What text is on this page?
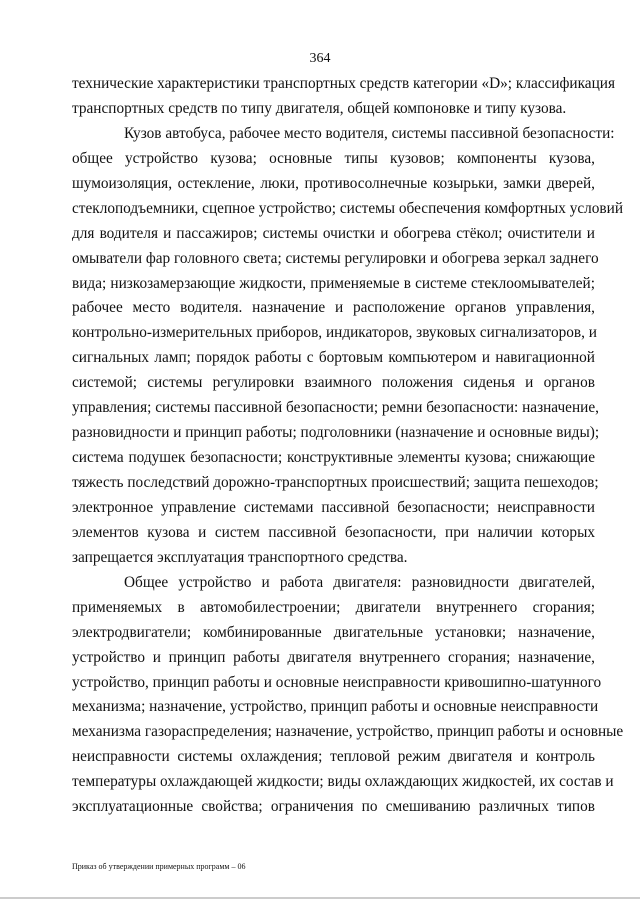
364
технические характеристики транспортных средств категории «D»; классификация
транспортных средств по типу двигателя, общей компоновке и типу кузова.
Кузов автобуса, рабочее место водителя, системы пассивной безопасности:
общее устройство кузова; основные типы кузовов; компоненты кузова,
шумоизоляция, остекление, люки, противосолнечные козырьки, замки дверей,
стеклоподъемники, сцепное устройство; системы обеспечения комфортных условий
для водителя и пассажиров; системы очистки и обогрева стёкол; очистители и
омыватели фар головного света; системы регулировки и обогрева зеркал заднего
вида; низкозамерзающие жидкости, применяемые в системе стеклоомывателей;
рабочее место водителя. назначение и расположение органов управления,
контрольно-измерительных приборов, индикаторов, звуковых сигнализаторов, и
сигнальных ламп; порядок работы с бортовым компьютером и навигационной
системой; системы регулировки взаимного положения сиденья и органов
управления; системы пассивной безопасности; ремни безопасности: назначение,
разновидности и принцип работы; подголовники (назначение и основные виды);
система подушек безопасности; конструктивные элементы кузова; снижающие
тяжесть последствий дорожно-транспортных происшествий; защита пешеходов;
электронное управление системами пассивной безопасности; неисправности
элементов кузова и систем пассивной безопасности, при наличии которых
запрещается эксплуатация транспортного средства.
Общее устройство и работа двигателя: разновидности двигателей,
применяемых в автомобилестроении; двигатели внутреннего сгорания;
электродвигатели; комбинированные двигательные установки; назначение,
устройство и принцип работы двигателя внутреннего сгорания; назначение,
устройство, принцип работы и основные неисправности кривошипно-шатунного
механизма; назначение, устройство, принцип работы и основные неисправности
механизма газораспределения; назначение, устройство, принцип работы и основные
неисправности системы охлаждения; тепловой режим двигателя и контроль
температуры охлаждающей жидкости; виды охлаждающих жидкостей, их состав и
эксплуатационные свойства; ограничения по смешиванию различных типов
Приказ об утверждении примерных программ – 06
